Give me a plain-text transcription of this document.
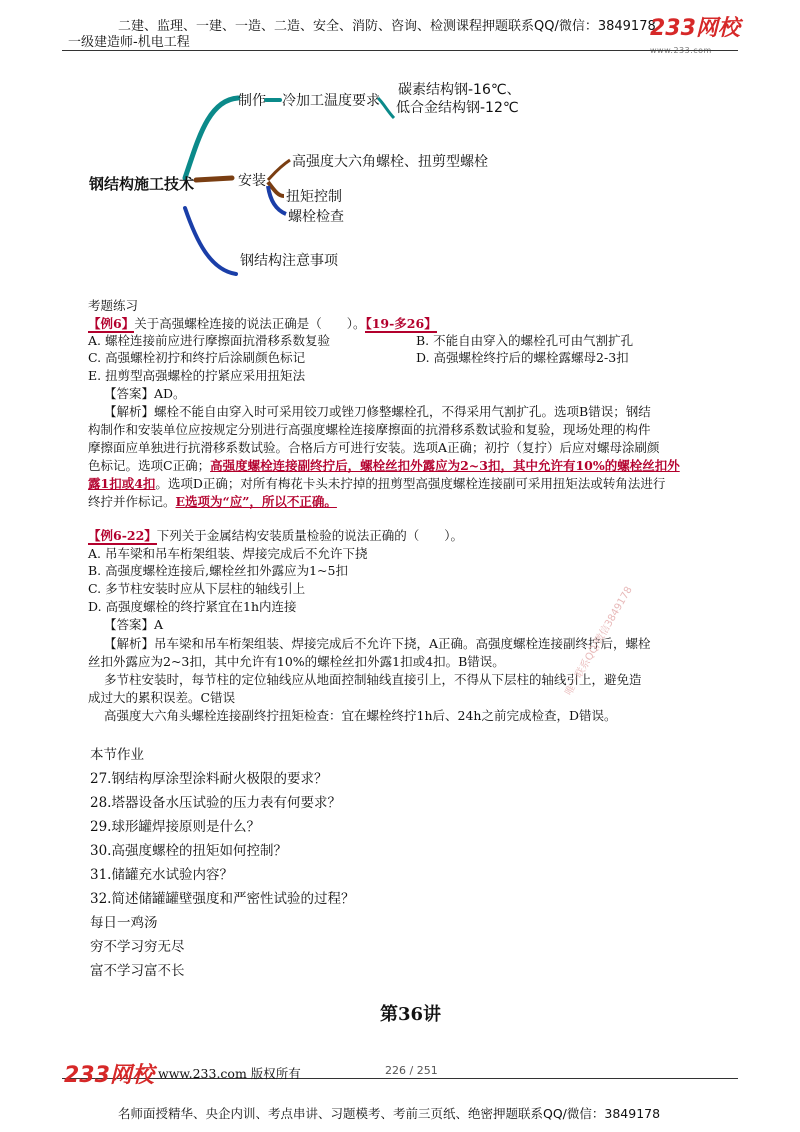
二建、监理、一建、一造、二造、安全、消防、咨询、检测课程押题联系QQ/微信：3849178
一级建造师-机电工程
233网校
www.233.com
钢结构施工技术
制作 冷加工温度要求
碳素结构钢-16℃、
低合金结构钢-12℃
安装
高强度大六角螺栓、扭剪型螺栓
扭矩控制
螺栓检查
钢结构注意事项
考题练习
【例6】关于高强螺栓连接的说法正确是（　　）。【19-多26】
A. 螺栓连接前应进行摩擦面抗滑移系数复验	B. 不能自由穿入的螺栓孔可由气割扩孔
C. 高强螺栓初拧和终拧后涂刷颜色标记	D. 高强螺栓终拧后的螺栓露螺母2-3扣
E. 扭剪型高强螺栓的拧紧应采用扭矩法
【答案】AD。
【解析】螺栓不能自由穿入时可采用铰刀或锉刀修整螺栓孔，不得采用气割扩孔。选项B错误；钢结
构制作和安装单位应按规定分别进行高强度螺栓连接摩擦面的抗滑移系数试验和复验，现场处理的构件
摩擦面应单独进行抗滑移系数试验。合格后方可进行安装。选项A正确；初拧（复拧）后应对螺母涂刷颜
色标记。选项C正确；高强度螺栓连接副终拧后，螺栓丝扣外露应为2~3扣，其中允许有10%的螺栓丝扣外
露1扣或4扣。选项D正确；对所有梅花卡头未拧掉的扭剪型高强度螺栓连接副可采用扭矩法或转角法进行
终拧并作标记。E选项为“应”，所以不正确。
【例6-22】下列关于金属结构安装质量检验的说法正确的（　　）。
A. 吊车梁和吊车桁架组装、焊接完成后不允许下挠
B. 高强度螺栓连接后,螺栓丝扣外露应为1~5扣
C. 多节柱安装时应从下层柱的轴线引上
D. 高强度螺栓的终拧紧宜在1h内连接
【答案】A
【解析】吊车梁和吊车桁架组装、焊接完成后不允许下挠，A正确。高强度螺栓连接副终拧后，螺栓
丝扣外露应为2~3扣，其中允许有10%的螺栓丝扣外露1扣或4扣。B错误。
多节柱安装时，每节柱的定位轴线应从地面控制轴线直接引上，不得从下层柱的轴线引上，避免造
成过大的累积误差。C错误
高强度大六角头螺栓连接副终拧扭矩检查：宜在螺栓终拧1h后、24h之前完成检查，D错误。
唯一联系QQ/微信3849178
本节作业
27.钢结构厚涂型涂料耐火极限的要求？
28.塔器设备水压试验的压力表有何要求？
29.球形罐焊接原则是什么？
30.高强度螺栓的扭矩如何控制？
31.储罐充水试验内容？
32.简述储罐罐壁强度和严密性试验的过程？
每日一鸡汤
穷不学习穷无尽
富不学习富不长
第36讲
233网校 www.233.com 版权所有	226 / 251
名师面授精华、央企内训、考点串讲、习题模考、考前三页纸、绝密押题联系QQ/微信：3849178
